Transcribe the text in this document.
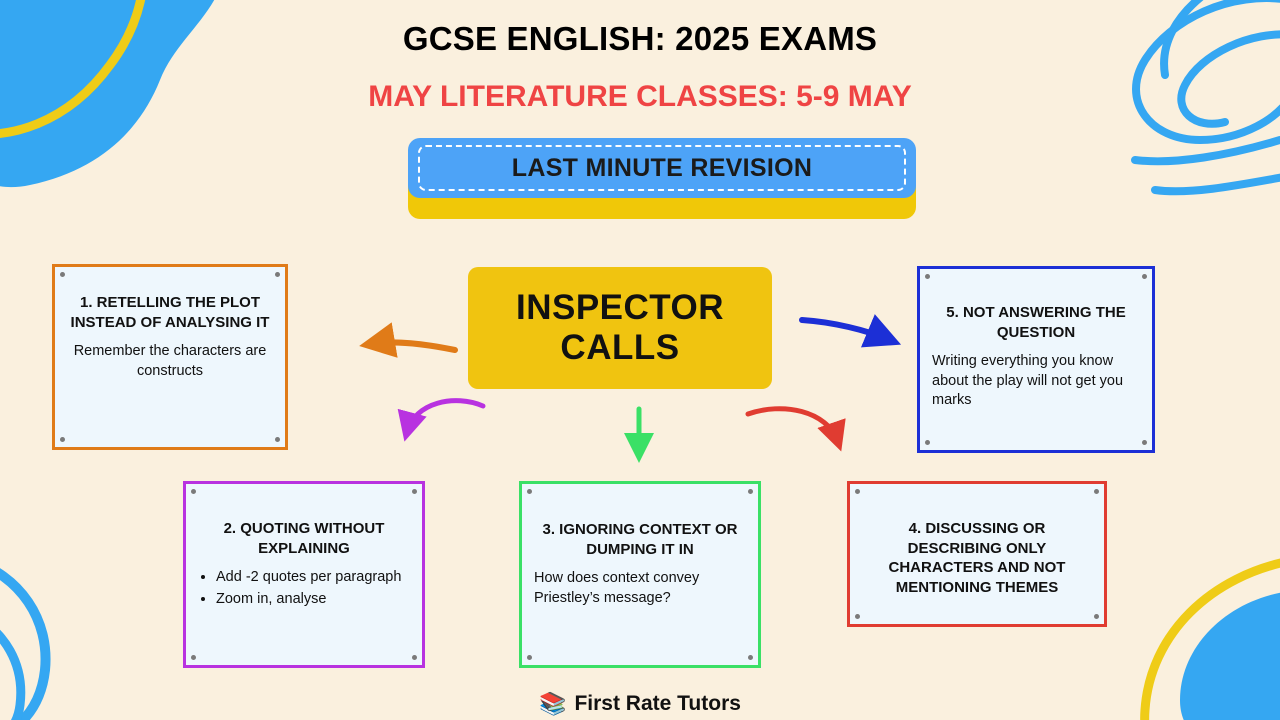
GCSE ENGLISH: 2025 EXAMS
MAY LITERATURE CLASSES: 5-9 MAY
LAST MINUTE REVISION
INSPECTOR
CALLS
1. RETELLING THE PLOT INSTEAD OF ANALYSING IT
Remember the characters are constructs
2. QUOTING WITHOUT EXPLAINING
• Add -2 quotes per paragraph
• Zoom in, analyse
3. IGNORING CONTEXT OR DUMPING IT IN
How does context convey Priestley’s message?
4. DISCUSSING OR DESCRIBING ONLY CHARACTERS AND NOT MENTIONING THEMES
5. NOT ANSWERING THE QUESTION
Writing everything you know about the play will not get you marks
📚 First Rate Tutors
